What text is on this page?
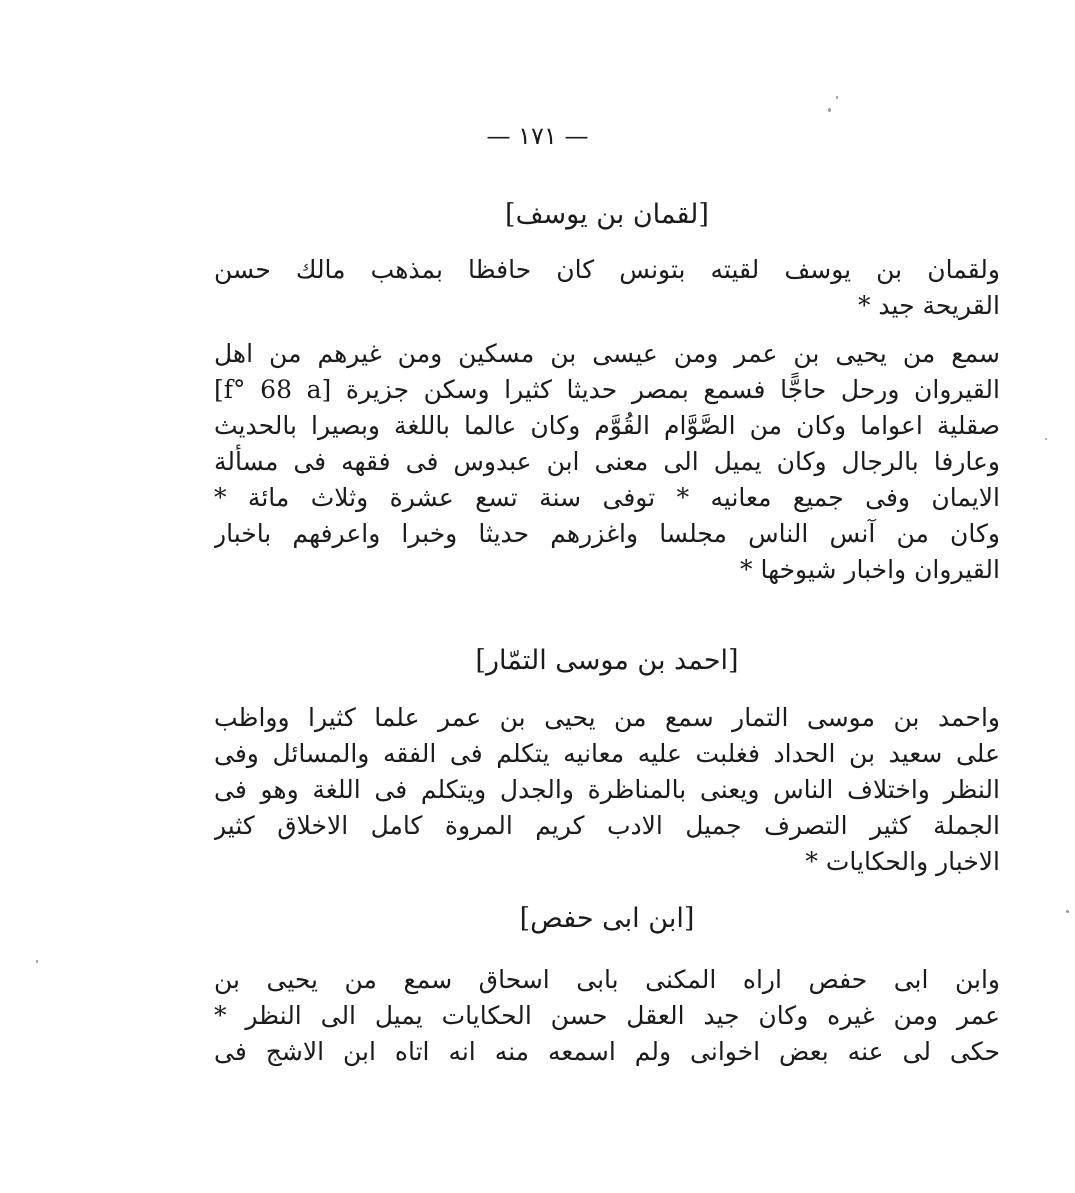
— ١٧١ —
[لقمان بن يوسف]

ولقمان بن يوسف لقيته بتونس كان حافظا بمذهب مالك حسن
القريحة جيد *

سمع من يحيى بن عمر ومن عيسى بن مسكين ومن غيرهم من اهل
القيروان ورحل حاجًّا فسمع بمصر حديثا كثيرا وسكن جزيرة [f° 68 a]
صقلية اعواما وكان من الصَّوَّام القُوَّم وكان عالما باللغة وبصيرا بالحديث
وعارفا بالرجال وكان يميل الى معنى ابن عبدوس فى فقهه فى مسألة
الايمان وفى جميع معانيه * توفى سنة تسع عشرة وثلاث مائة *
وكان من آنس الناس مجلسا واغزرهم حديثا وخبرا واعرفهم باخبار
القيروان واخبار شيوخها *

[احمد بن موسى التمّار]

واحمد بن موسى التمار سمع من يحيى بن عمر علما كثيرا وواظب
على سعيد بن الحداد فغلبت عليه معانيه يتكلم فى الفقه والمسائل وفى
النظر واختلاف الناس ويعنى بالمناظرة والجدل ويتكلم فى اللغة وهو فى
الجملة كثير التصرف جميل الادب كريم المروة كامل الاخلاق كثير
الاخبار والحكايات *

[ابن ابى حفص]

وابن ابى حفص اراه المكنى بابى اسحاق سمع من يحيى بن
عمر ومن غيره وكان جيد العقل حسن الحكايات يميل الى النظر *
حكى لى عنه بعض اخوانى ولم اسمعه منه انه اتاه ابن الاشج فى
